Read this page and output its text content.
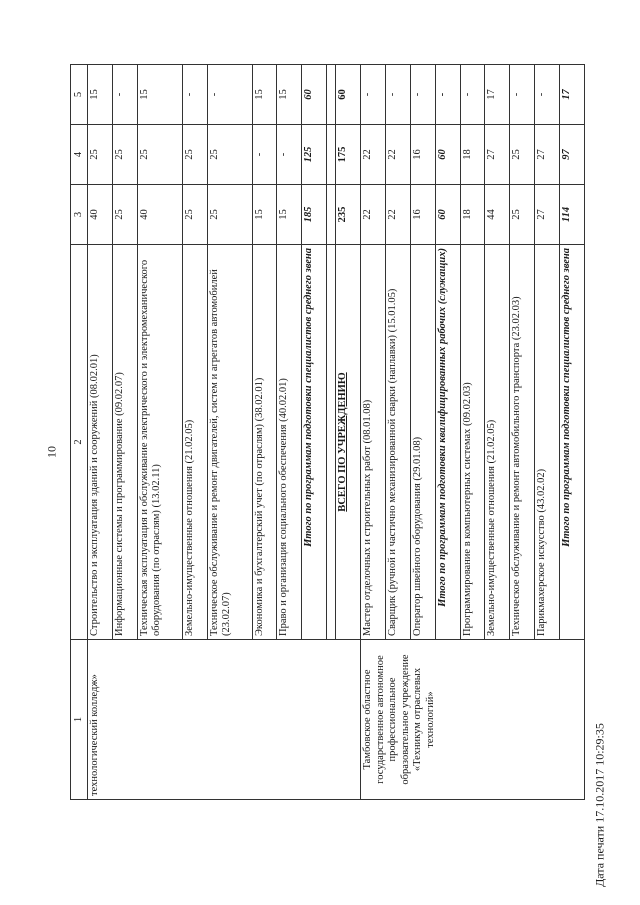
10
1	2	3	4	5
технологический колледж»	Строительство и эксплуатация зданий и сооружений (08.02.01)	40	25	15
	Информационные системы и программирование (09.02.07)	25	25	-
	Техническая эксплуатация и обслуживание электрического и электромеханического оборудования (по отраслям) (13.02.11)	40	25	15
	Земельно-имущественные отношения (21.02.05)	25	25	-
	Техническое обслуживание и ремонт двигателей, систем и агрегатов автомобилей (23.02.07)	25	25	-
	Экономика и бухгалтерский учет (по отраслям) (38.02.01)	15	-	15
	Право и организация социального обеспечения (40.02.01)	15	-	15
	Итого по программам подготовки специалистов среднего звена	185	125	60

	ВСЕГО ПО УЧРЕЖДЕНИЮ	235	175	60
Тамбовское областное государственное автономное профессиональное образовательное учреждение «Техникум отраслевых технологий»	Мастер отделочных и строительных работ (08.01.08)	22	22	-
	Сварщик (ручной и частично механизированной сварки (наплавки) (15.01.05)	22	22	-
	Оператор швейного оборудования (29.01.08)	16	16	-
	Итого по программам подготовки квалифицированных рабочих (служащих)	60	60	-
	Программирование в компьютерных системах (09.02.03)	18	18	-
	Земельно-имущественные отношения (21.02.05)	44	27	17
	Техническое обслуживание и ремонт автомобильного транспорта (23.02.03)	25	25	-
	Парикмахерское искусство (43.02.02)	27	27	-
	Итого по программам подготовки специалистов среднего звена	114	97	17
Дата печати 17.10.2017 10:29:35
